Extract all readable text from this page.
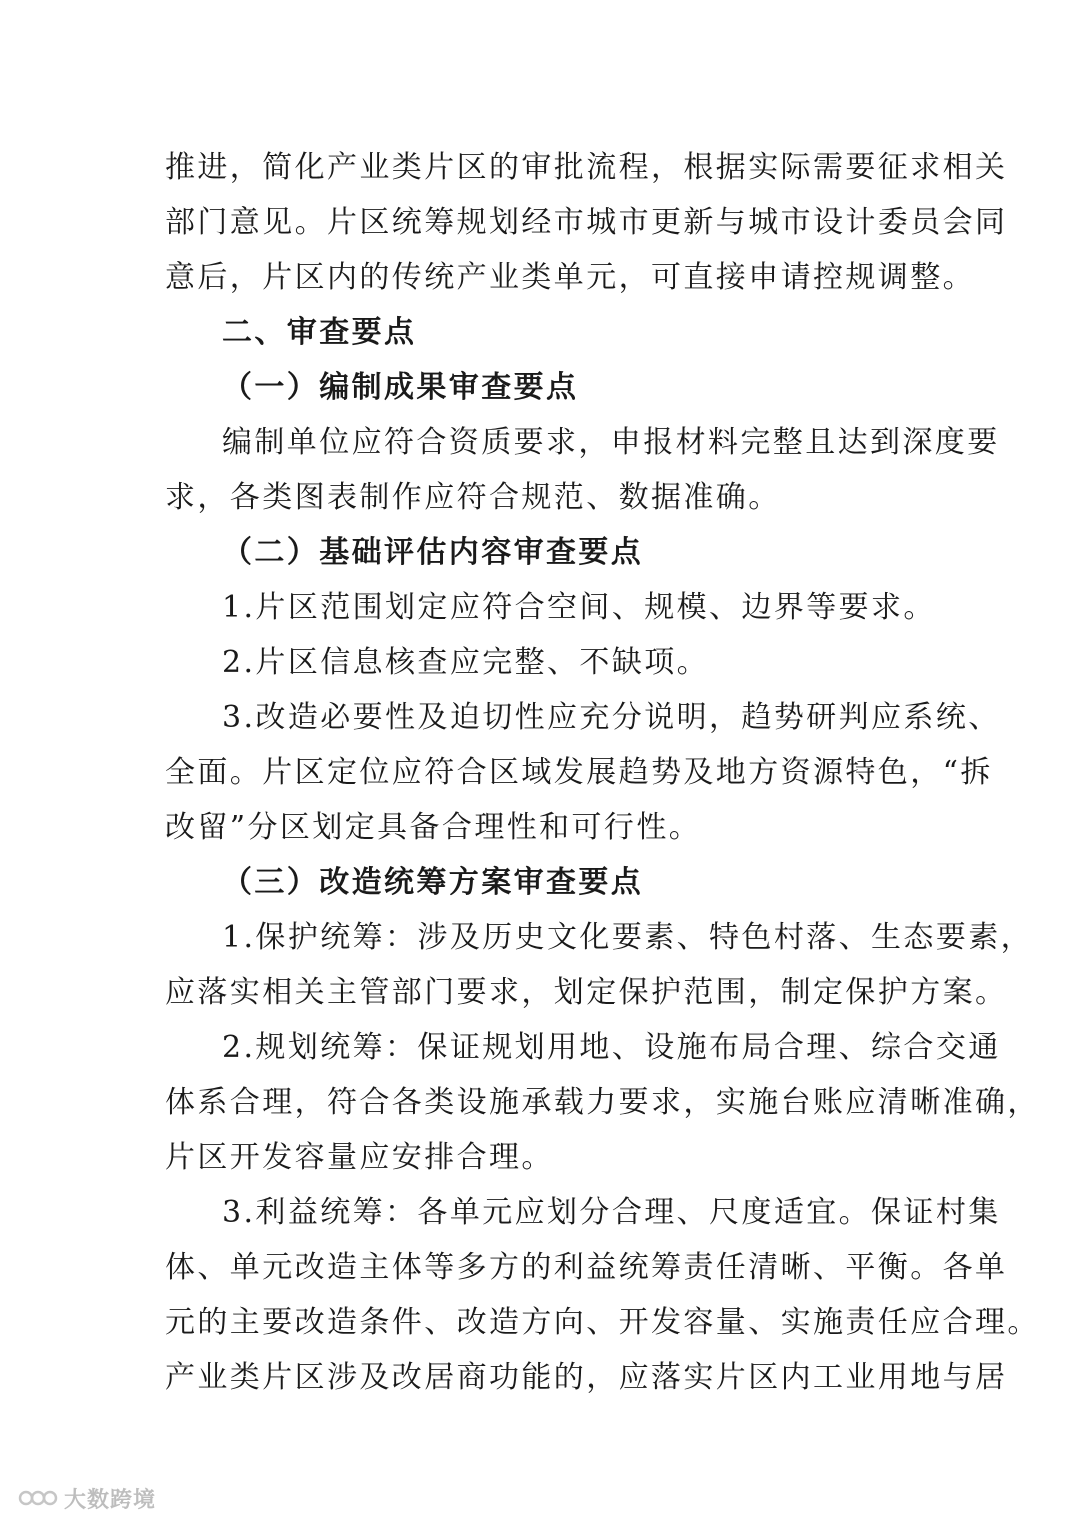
推进，简化产业类片区的审批流程，根据实际需要征求相关
部门意见。片区统筹规划经市城市更新与城市设计委员会同
意后，片区内的传统产业类单元，可直接申请控规调整。
二、审查要点
（一）编制成果审查要点
编制单位应符合资质要求，申报材料完整且达到深度要
求，各类图表制作应符合规范、数据准确。
（二）基础评估内容审查要点
1.片区范围划定应符合空间、规模、边界等要求。
2.片区信息核查应完整、不缺项。
3.改造必要性及迫切性应充分说明，趋势研判应系统、
全面。片区定位应符合区域发展趋势及地方资源特色，“拆
改留”分区划定具备合理性和可行性。
（三）改造统筹方案审查要点
1.保护统筹：涉及历史文化要素、特色村落、生态要素，
应落实相关主管部门要求，划定保护范围，制定保护方案。
2.规划统筹：保证规划用地、设施布局合理、综合交通
体系合理，符合各类设施承载力要求，实施台账应清晰准确，
片区开发容量应安排合理。
3.利益统筹：各单元应划分合理、尺度适宜。保证村集
体、单元改造主体等多方的利益统筹责任清晰、平衡。各单
元的主要改造条件、改造方向、开发容量、实施责任应合理。
产业类片区涉及改居商功能的，应落实片区内工业用地与居
大数跨境
